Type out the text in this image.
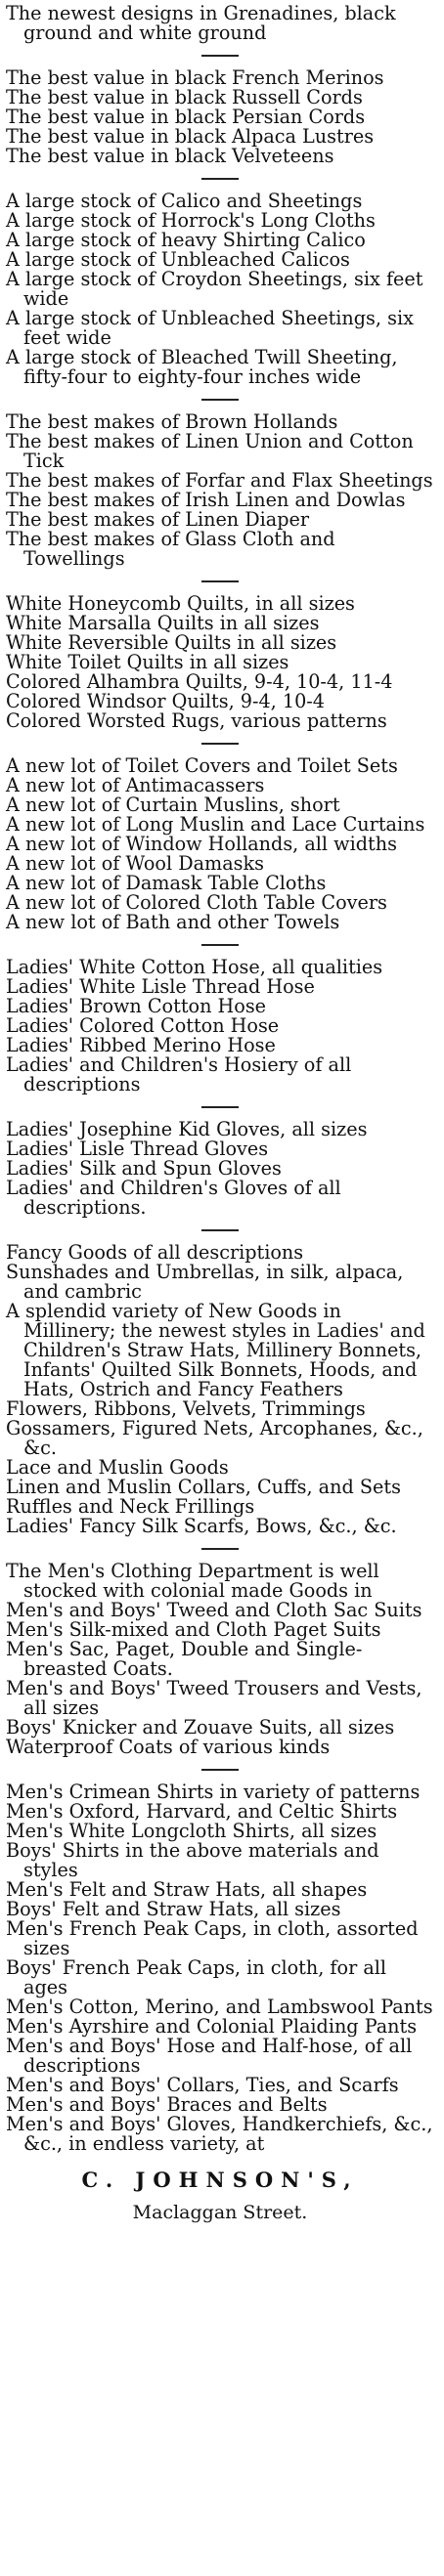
The newest designs in Grenadines, black ground and white ground

The best value in black French Merinos

The best value in black Russell Cords

The best value in black Persian Cords

The best value in black Alpaca Lustres

The best value in black Velveteens

A large stock of Calico and Sheetings

A large stock of Horrock's Long Cloths

A large stock of heavy Shirting Calico

A large stock of Unbleached Calicos

A large stock of Croydon Sheetings, six feet wide

A large stock of Unbleached Sheetings, six feet wide

A large stock of Bleached Twill Sheeting, fifty-four to eighty-four inches wide

The best makes of Brown Hollands

The best makes of Linen Union and Cotton Tick

The best makes of Forfar and Flax Sheetings

The best makes of Irish Linen and Dowlas

The best makes of Linen Diaper

The best makes of Glass Cloth and Towellings

White Honeycomb Quilts, in all sizes

White Marsalla Quilts in all sizes

White Reversible Quilts in all sizes

White Toilet Quilts in all sizes

Colored Alhambra Quilts, 9-4, 10-4, 11-4

Colored Windsor Quilts, 9-4, 10-4

Colored Worsted Rugs, various patterns

A new lot of Toilet Covers and Toilet Sets

A new lot of Antimacassers

A new lot of Curtain Muslins, short

A new lot of Long Muslin and Lace Curtains

A new lot of Window Hollands, all widths

A new lot of Wool Damasks

A new lot of Damask Table Cloths

A new lot of Colored Cloth Table Covers

A new lot of Bath and other Towels

Ladies' White Cotton Hose, all qualities

Ladies' White Lisle Thread Hose

Ladies' Brown Cotton Hose

Ladies' Colored Cotton Hose

Ladies' Ribbed Merino Hose

Ladies' and Children's Hosiery of all descriptions

Ladies' Josephine Kid Gloves, all sizes

Ladies' Lisle Thread Gloves

Ladies' Silk and Spun Gloves

Ladies' and Children's Gloves of all descriptions.

Fancy Goods of all descriptions

Sunshades and Umbrellas, in silk, alpaca, and cambric

A splendid variety of New Goods in Millinery; the newest styles in Ladies' and Children's Straw Hats, Millinery Bonnets, Infants' Quilted Silk Bonnets, Hoods, and Hats, Ostrich and Fancy Feathers

Flowers, Ribbons, Velvets, Trimmings

Gossamers, Figured Nets, Arcophanes, &c., &c.

Lace and Muslin Goods

Linen and Muslin Collars, Cuffs, and Sets

Ruffles and Neck Frillings

Ladies' Fancy Silk Scarfs, Bows, &c., &c.

The Men's Clothing Department is well stocked with colonial made Goods in

Men's and Boys' Tweed and Cloth Sac Suits

Men's Silk-mixed and Cloth Paget Suits

Men's Sac, Paget, Double and Single-breasted Coats.

Men's and Boys' Tweed Trousers and Vests, all sizes

Boys' Knicker and Zouave Suits, all sizes

Waterproof Coats of various kinds

Men's Crimean Shirts in variety of patterns

Men's Oxford, Harvard, and Celtic Shirts

Men's White Longcloth Shirts, all sizes

Boys' Shirts in the above materials and styles

Men's Felt and Straw Hats, all shapes

Boys' Felt and Straw Hats, all sizes

Men's French Peak Caps, in cloth, assorted sizes

Boys' French Peak Caps, in cloth, for all ages

Men's Cotton, Merino, and Lambswool Pants

Men's Ayrshire and Colonial Plaiding Pants

Men's and Boys' Hose and Half-hose, of all descriptions

Men's and Boys' Collars, Ties, and Scarfs

Men's and Boys' Braces and Belts

Men's and Boys' Gloves, Handkerchiefs, &c., &c., in endless variety, at

C. JOHNSON'S,
Maclaggan Street.
